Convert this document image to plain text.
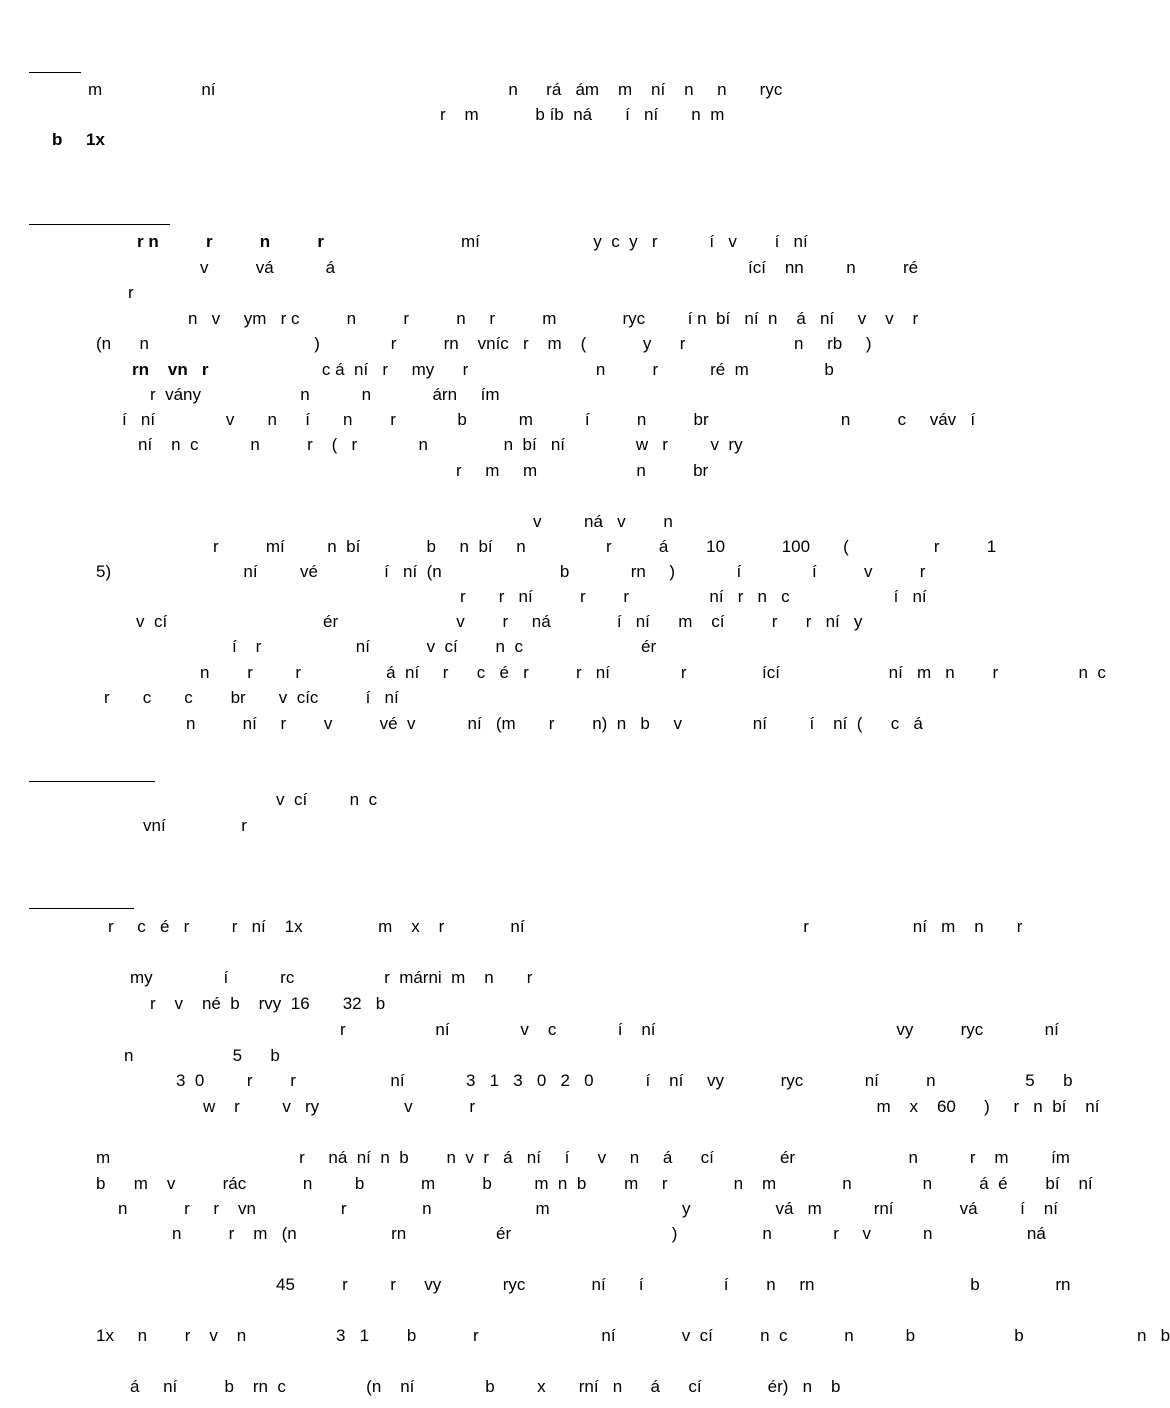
m                     ní                                                              n      rá   ám    m    ní    n     n       ryc
r    m            b íb  ná       í   ní       n  m
b     1x
r n          r          n          r                             mí                        y  c  y   r           í   v        í   ní
v          vá           á	ící    nn         n          ré
r
n   v     ym   r c          n          r          n     r          m              ryc         í n  bí   ní  n    á   ní     v    v    r
(n      n                                   )               r          rn    vníc   r    m    (            y      r                       n     rb     )
rn    vn   r                        c á  ní   r     my      r                           n          r           ré  m                b
r  vány                     n           n             árn     ím
í   ní               v       n      í       n        r             b           m           í          n          br                            n          c     váv   í
ní    n  c           n          r    (   r             n                n  bí   ní               w   r         v  ry
r     m     m                     n          br
v         ná   v        n
r          mí         n  bí              b     n  bí     n                 r          á        10            100       (                  r          1
5)                            ní         vé              í   ní  (n                         b             rn     )             í               í          v          r
r       r   ní          r        r                 ní   r   n   c                      í   ní
v  cí                                 ér                         v        r     ná              í   ní      m    cí          r      r   ní   y
í    r                    ní            v  cí        n  c                         ér
n        r         r                  á  ní     r      c   é   r          r   ní               r                ící                       ní   m   n        r                 n  c
r       c       c        br       v  cíc          í   ní
n          ní     r        v          vé  v           ní   (m       r        n)  n   b     v               ní         í    ní  (      c   á
v  cí         n  c
vní                r
r     c   é   r         r   ní    1x                m    x    r              ní                                                           r                      ní   m    n       r
my               í           rc                   r  márni  m    n       r
r    v    né  b    rvy  16       32   b
r                   ní               v    c             í    ní                                                   vy          ryc             ní
n                     5      b
3  0         r        r                    ní             3   1   3   0   2   0           í    ní     vy            ryc             ní          n                   5      b
w    r         v   ry                  v            r                                                                                     m    x    60      )     r   n  bí    ní
m                                        r     ná  ní  n  b        n  v  r   á   ní     í      v     n     á      cí              ér                        n           r    m         ím
b      m    v          rác            n         b            m          b         m  n  b        m     r              n    m              n               n          á  é        bí    ní
n            r     r    vn                  r                n                      m                            y                  vá   m           rní              vá         í    ní
n          r    m   (n                    rn                   ér                                  )                  n             r     v           n                    ná
45          r         r      vy             ryc              ní       í                 í        n     rn                                 b                rn
1x     n        r    v    n                   3   1        b            r                          ní              v  cí          n  c            n           b                     b                        n   b
á     ní          b    rn  c                 (n    ní               b         x       rní   n      á      cí              ér)   n    b
